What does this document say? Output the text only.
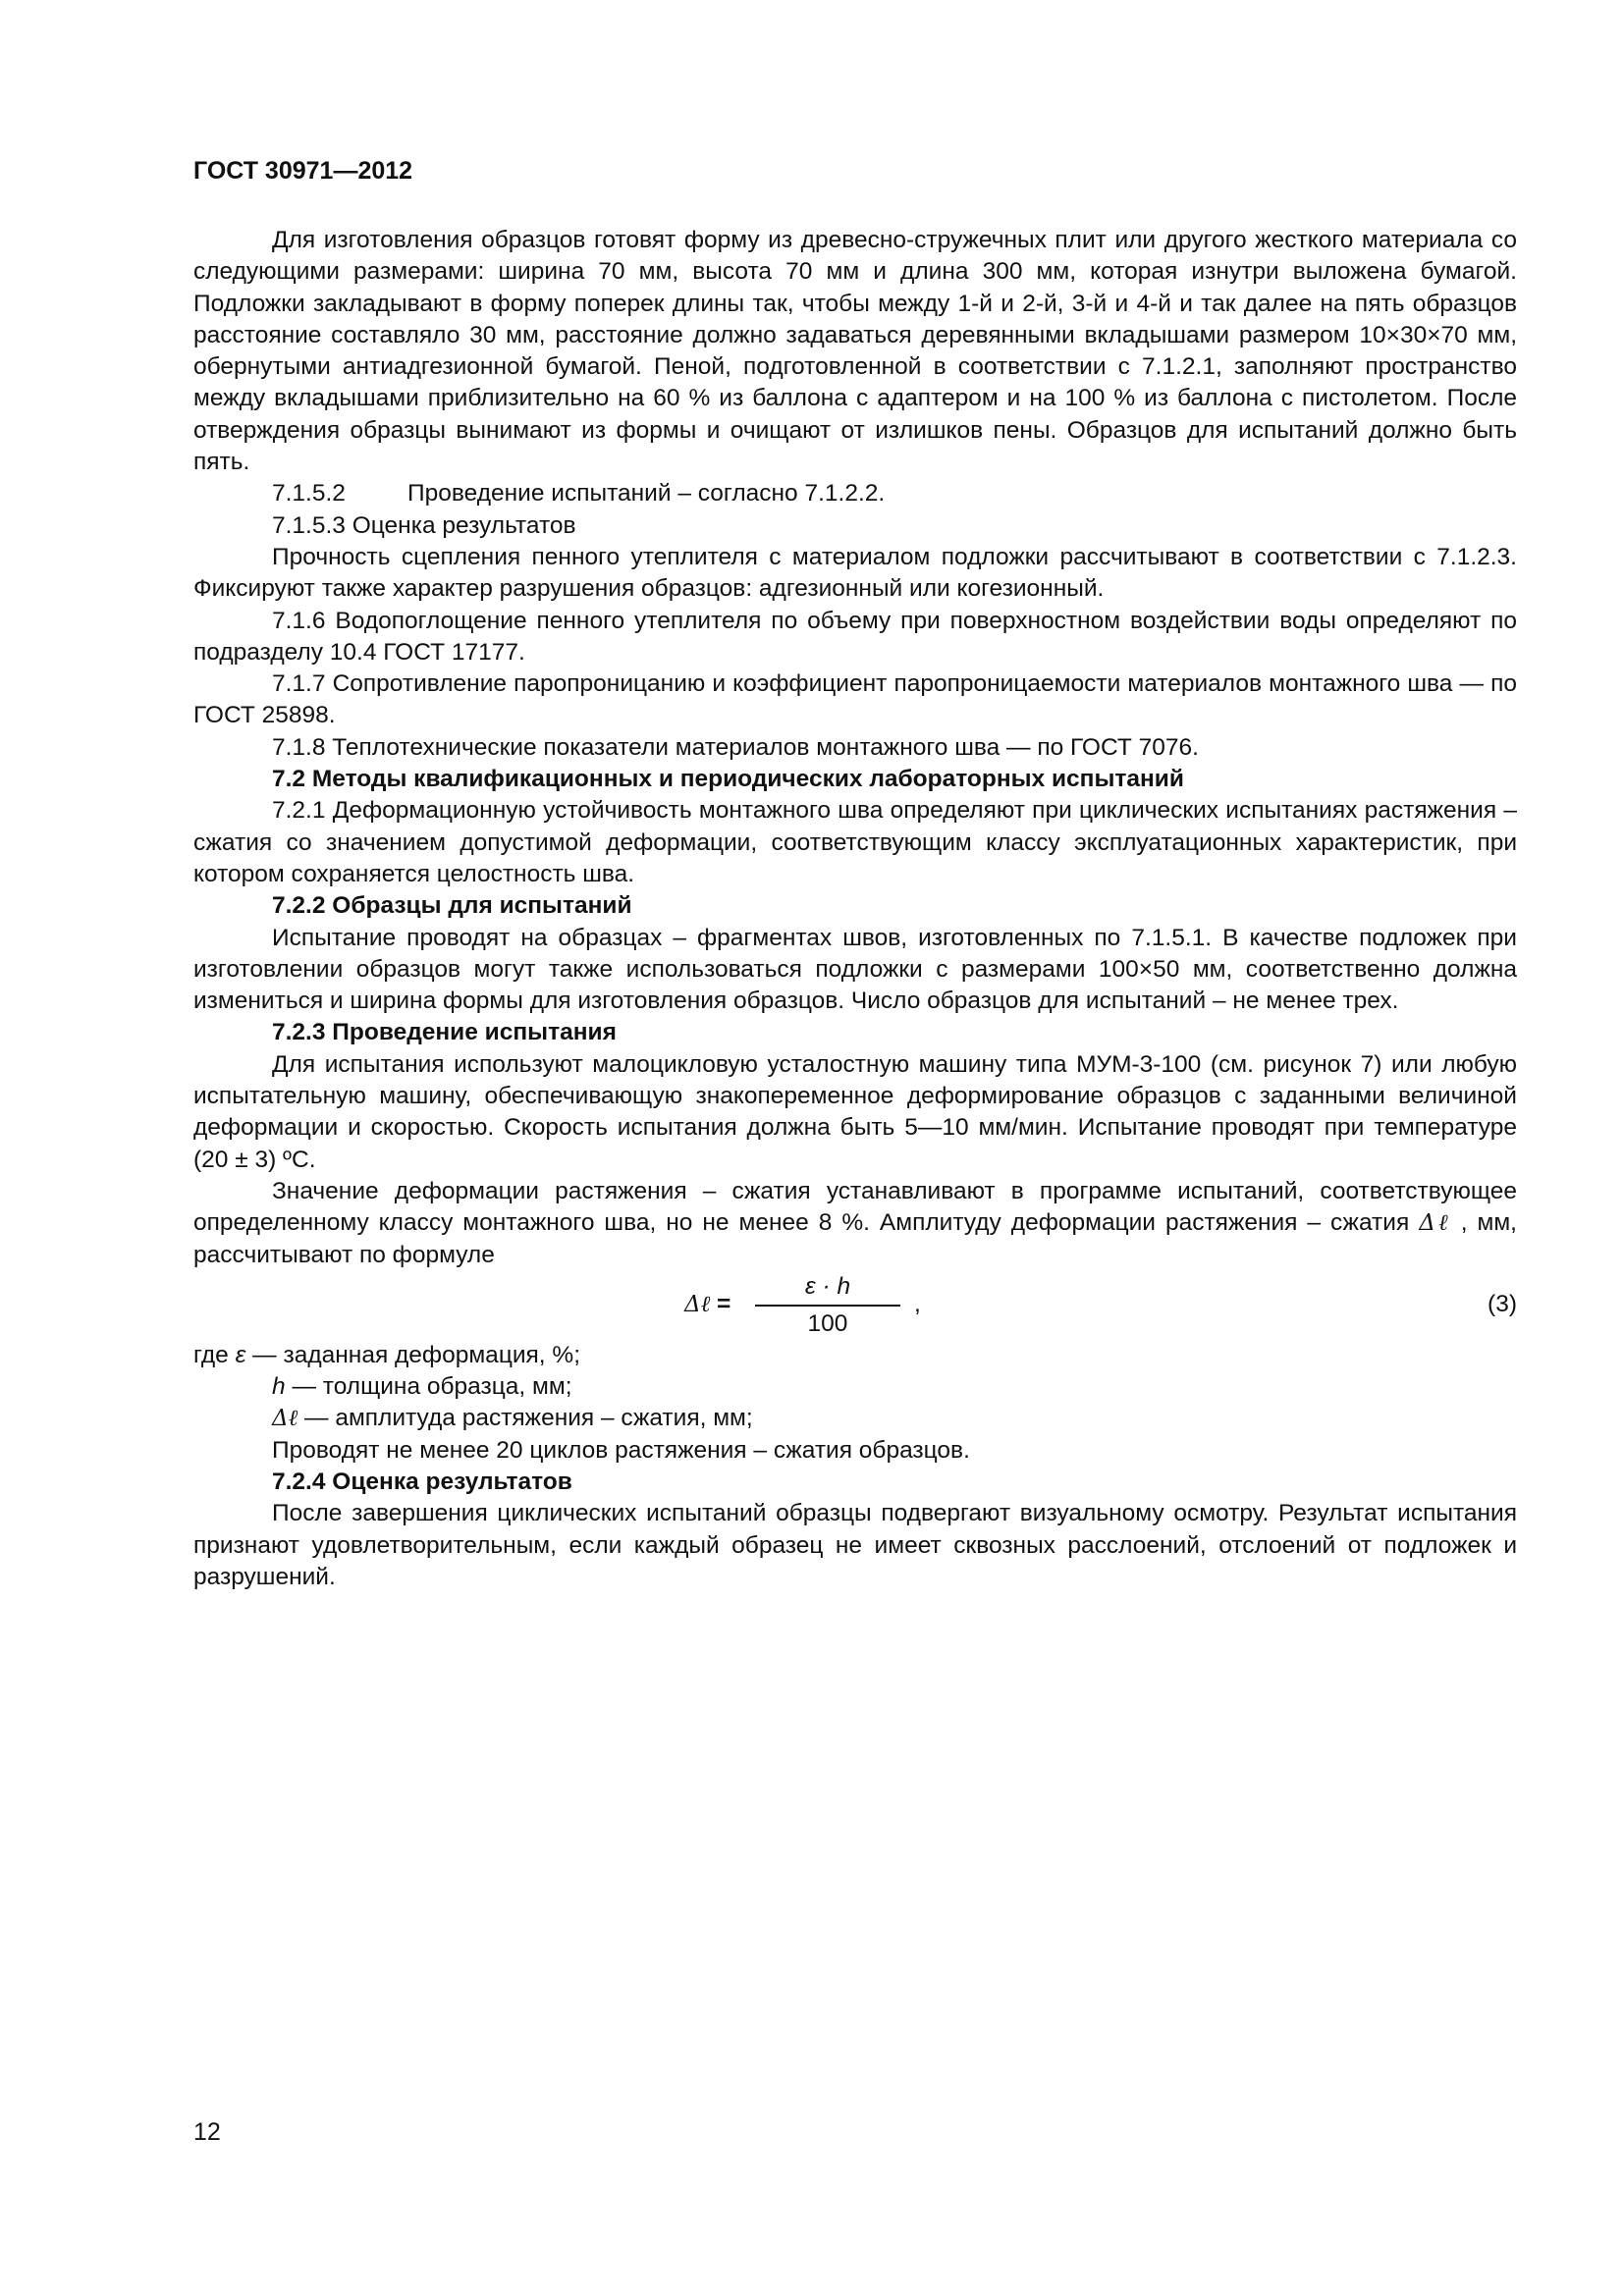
ГОСТ 30971—2012

Для изготовления образцов готовят форму из древесно-стружечных плит или другого жесткого материала со следующими размерами: ширина 70 мм, высота 70 мм и длина 300 мм, которая изнутри выложена бумагой. Подложки закладывают в форму поперек длины так, чтобы между 1-й и 2-й, 3-й и 4-й и так далее на пять образцов расстояние составляло 30 мм, расстояние должно задаваться деревянными вкладышами размером 10×30×70 мм, обернутыми антиадгезионной бумагой. Пеной, подготовленной в соответствии с 7.1.2.1, заполняют пространство между вкладышами приблизительно на 60 % из баллона с адаптером и на 100 % из баллона с пистолетом. После отверждения образцы вынимают из формы и очищают от излишков пены. Образцов для испытаний должно быть пять.

7.1.5.2	Проведение испытаний – согласно 7.1.2.2.

7.1.5.3 Оценка результатов

Прочность сцепления пенного утеплителя с материалом подложки рассчитывают в соответствии с 7.1.2.3. Фиксируют также характер разрушения образцов: адгезионный или когезионный.

7.1.6 Водопоглощение пенного утеплителя по объему при поверхностном воздействии воды определяют по подразделу 10.4 ГОСТ 17177.

7.1.7 Сопротивление паропроницанию и коэффициент паропроницаемости материалов монтажного шва — по ГОСТ 25898.

7.1.8 Теплотехнические показатели материалов монтажного шва — по ГОСТ 7076.

7.2 Методы квалификационных и периодических лабораторных испытаний

7.2.1 Деформационную устойчивость монтажного шва определяют при циклических испытаниях растяжения – сжатия со значением допустимой деформации, соответствующим классу эксплуатационных характеристик, при котором сохраняется целостность шва.

7.2.2 Образцы для испытаний

Испытание проводят на образцах – фрагментах швов, изготовленных по 7.1.5.1. В качестве подложек при изготовлении образцов могут также использоваться подложки с размерами 100×50 мм, соответственно должна измениться и ширина формы для изготовления образцов. Число образцов для испытаний – не менее трех.

7.2.3 Проведение испытания

Для испытания используют малоцикловую усталостную машину типа МУМ-3-100 (см. рисунок 7) или любую испытательную машину, обеспечивающую знакопеременное деформирование образцов с заданными величиной деформации и скоростью. Скорость испытания должна быть 5—10 мм/мин. Испытание проводят при температуре (20 ± 3) ºС.

Значение деформации растяжения – сжатия устанавливают в программе испытаний, соответствующее определенному классу монтажного шва, но не менее 8 %. Амплитуду деформации растяжения – сжатия Δℓ , мм, рассчитывают по формуле

Δℓ =
ε · h
100
,	(3)

где ε — заданная деформация, %;

h — толщина образца, мм;

Δℓ — амплитуда растяжения – сжатия, мм;

Проводят не менее 20 циклов растяжения – сжатия образцов.

7.2.4 Оценка результатов

После завершения циклических испытаний образцы подвергают визуальному осмотру. Результат испытания признают удовлетворительным, если каждый образец не имеет сквозных расслоений, отслоений от подложек и разрушений.

12
